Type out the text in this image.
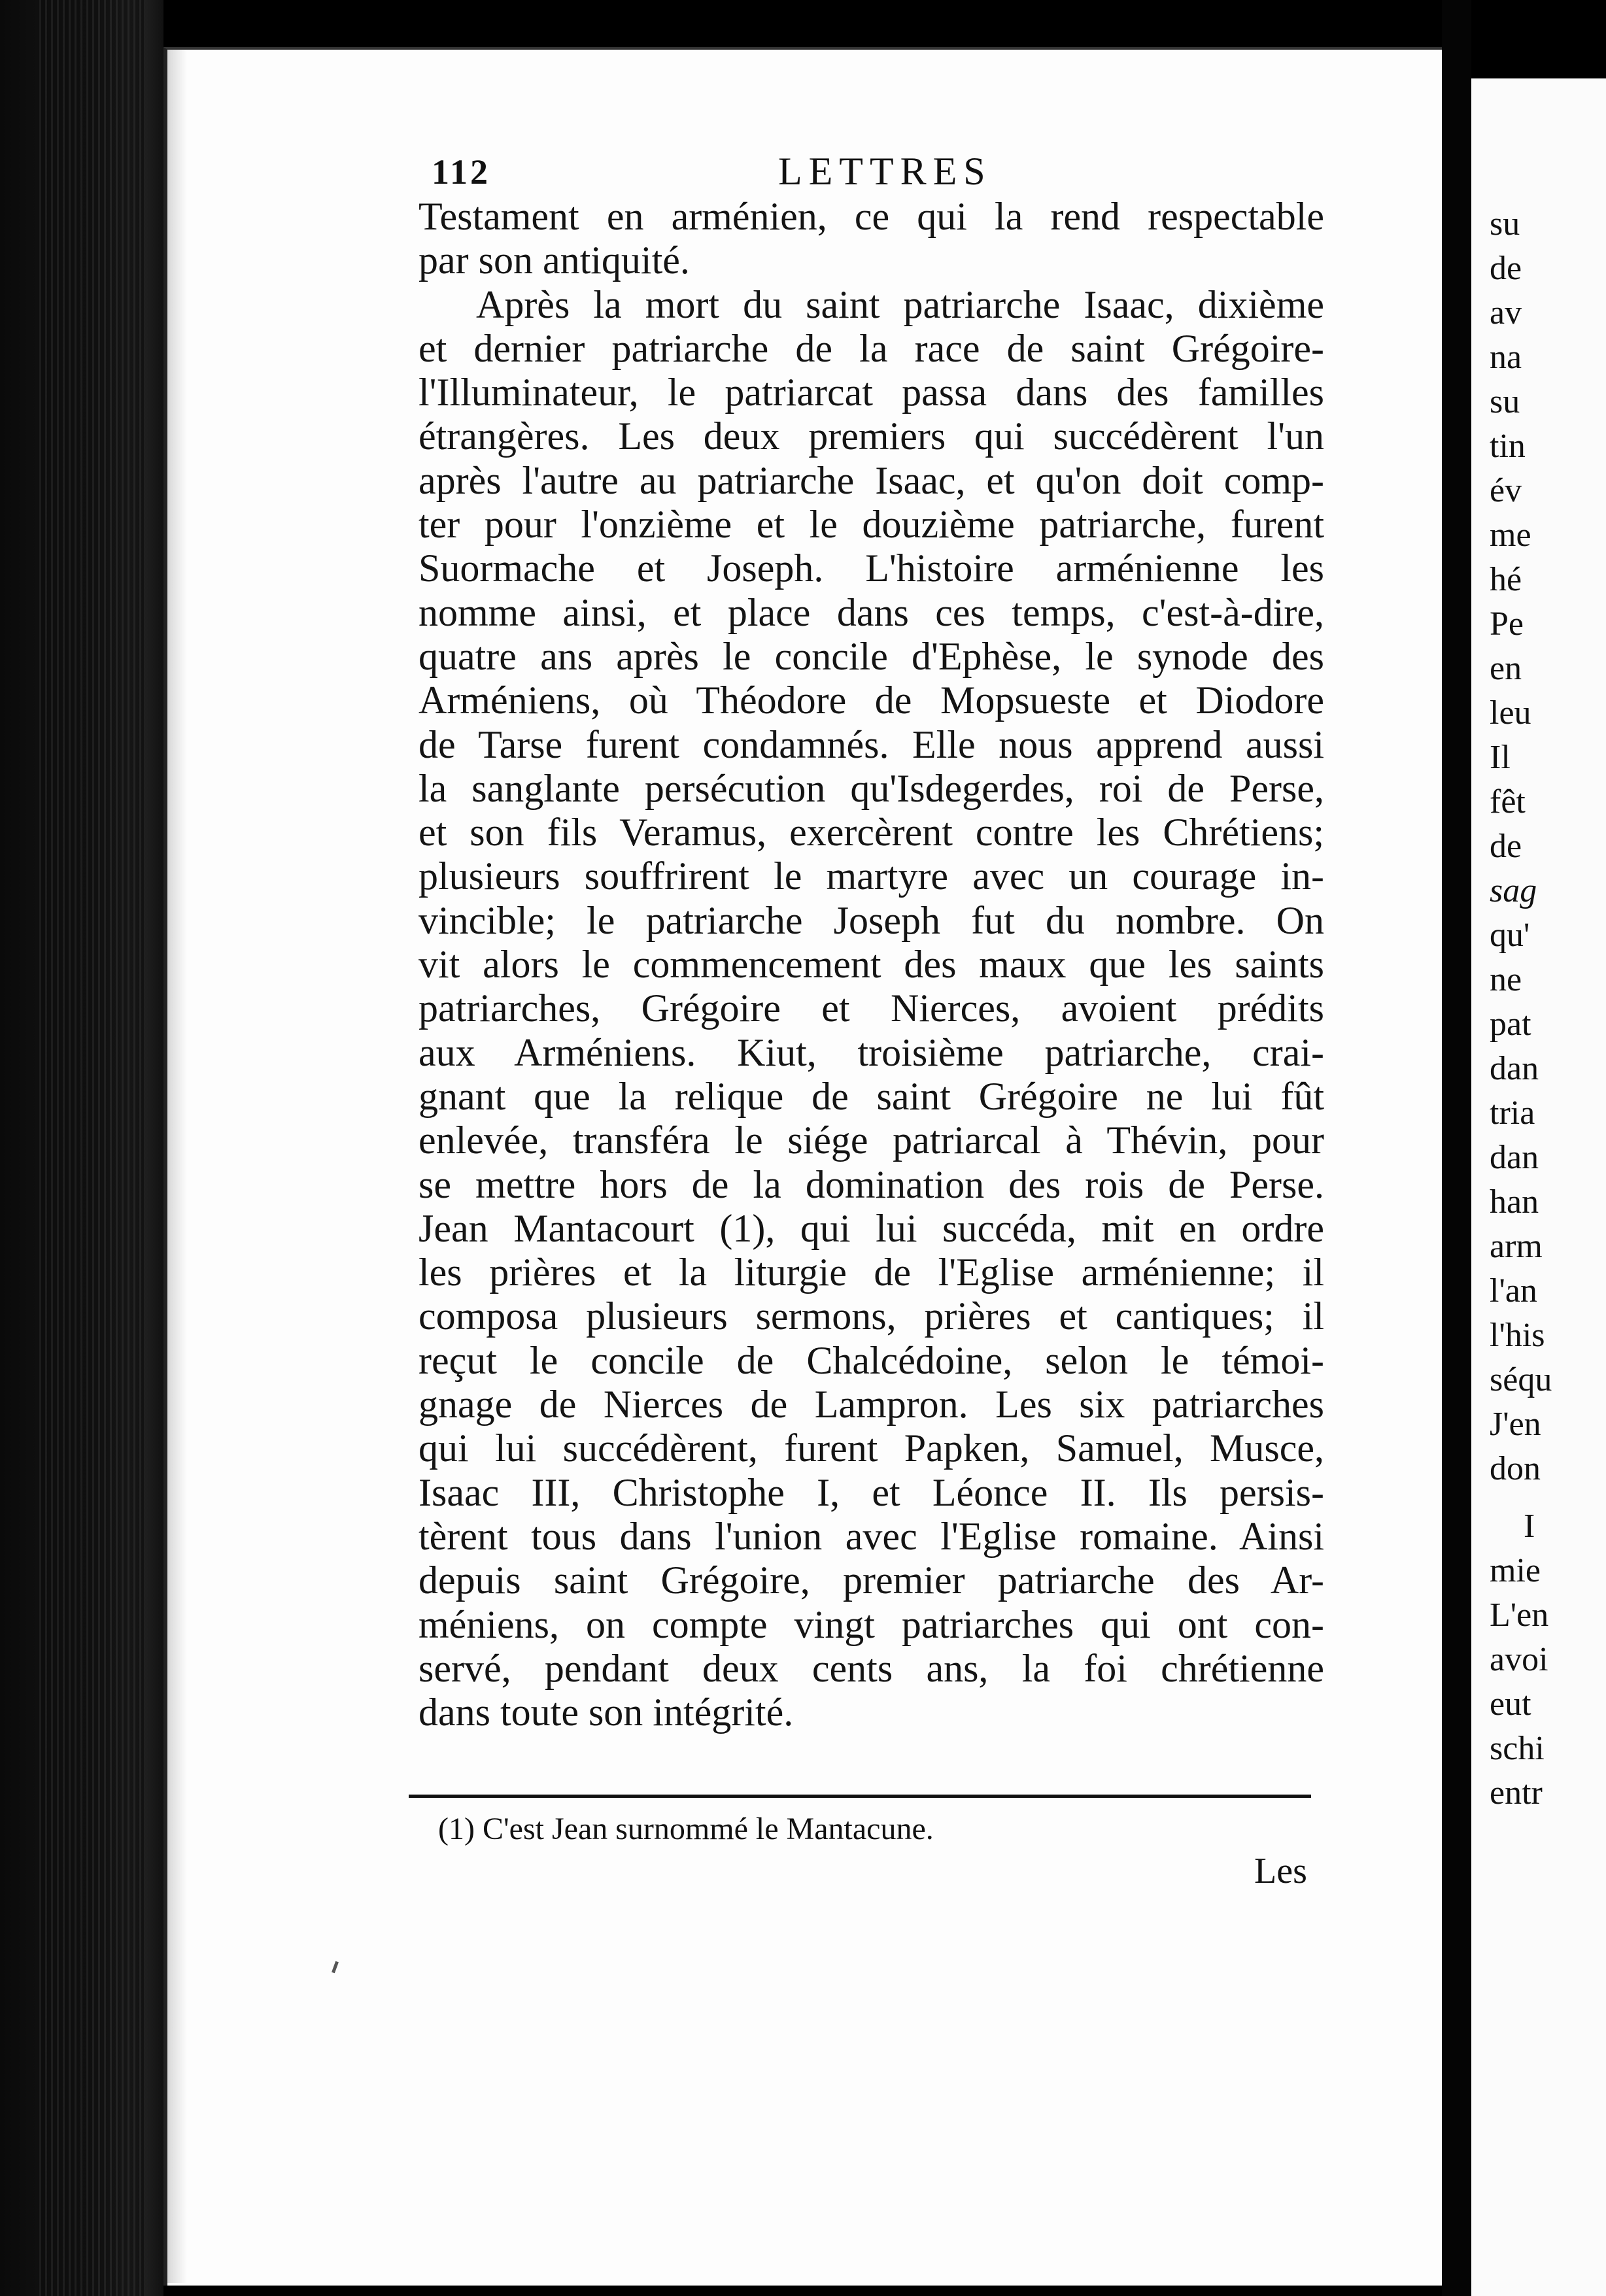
su
de
av
na
su
tin
év
me
hé
Pe
en
leu
Il
fêt
de
sag
qu'
ne
pat
dan
tria
dan
han
arm
l'an
l'his
séqu
J'en
don
I
mie
L'en
avoi
eut
schi
entr
112	LETTRES
Testament en arménien, ce qui la rend respectable
par son antiquité.
Après la mort du saint patriarche Isaac, dixième
et dernier patriarche de la race de saint Grégoire-
l'Illuminateur, le patriarcat passa dans des familles
étrangères. Les deux premiers qui succédèrent l'un
après l'autre au patriarche Isaac, et qu'on doit comp-
ter pour l'onzième et le douzième patriarche, furent
Suormache et Joseph. L'histoire arménienne les
nomme ainsi, et place dans ces temps, c'est-à-dire,
quatre ans après le concile d'Ephèse, le synode des
Arméniens, où Théodore de Mopsueste et Diodore
de Tarse furent condamnés. Elle nous apprend aussi
la sanglante persécution qu'Isdegerdes, roi de Perse,
et son fils Veramus, exercèrent contre les Chrétiens;
plusieurs souffrirent le martyre avec un courage in-
vincible; le patriarche Joseph fut du nombre. On
vit alors le commencement des maux que les saints
patriarches, Grégoire et Nierces, avoient prédits
aux Arméniens. Kiut, troisième patriarche, crai-
gnant que la relique de saint Grégoire ne lui fût
enlevée, transféra le siége patriarcal à Thévin, pour
se mettre hors de la domination des rois de Perse.
Jean Mantacourt (1), qui lui succéda, mit en ordre
les prières et la liturgie de l'Eglise arménienne; il
composa plusieurs sermons, prières et cantiques; il
reçut le concile de Chalcédoine, selon le témoi-
gnage de Nierces de Lampron. Les six patriarches
qui lui succédèrent, furent Papken, Samuel, Musce,
Isaac III, Christophe I, et Léonce II. Ils persis-
tèrent tous dans l'union avec l'Eglise romaine. Ainsi
depuis saint Grégoire, premier patriarche des Ar-
méniens, on compte vingt patriarches qui ont con-
servé, pendant deux cents ans, la foi chrétienne
dans toute son intégrité.
(1) C'est Jean surnommé le Mantacune.
Les
